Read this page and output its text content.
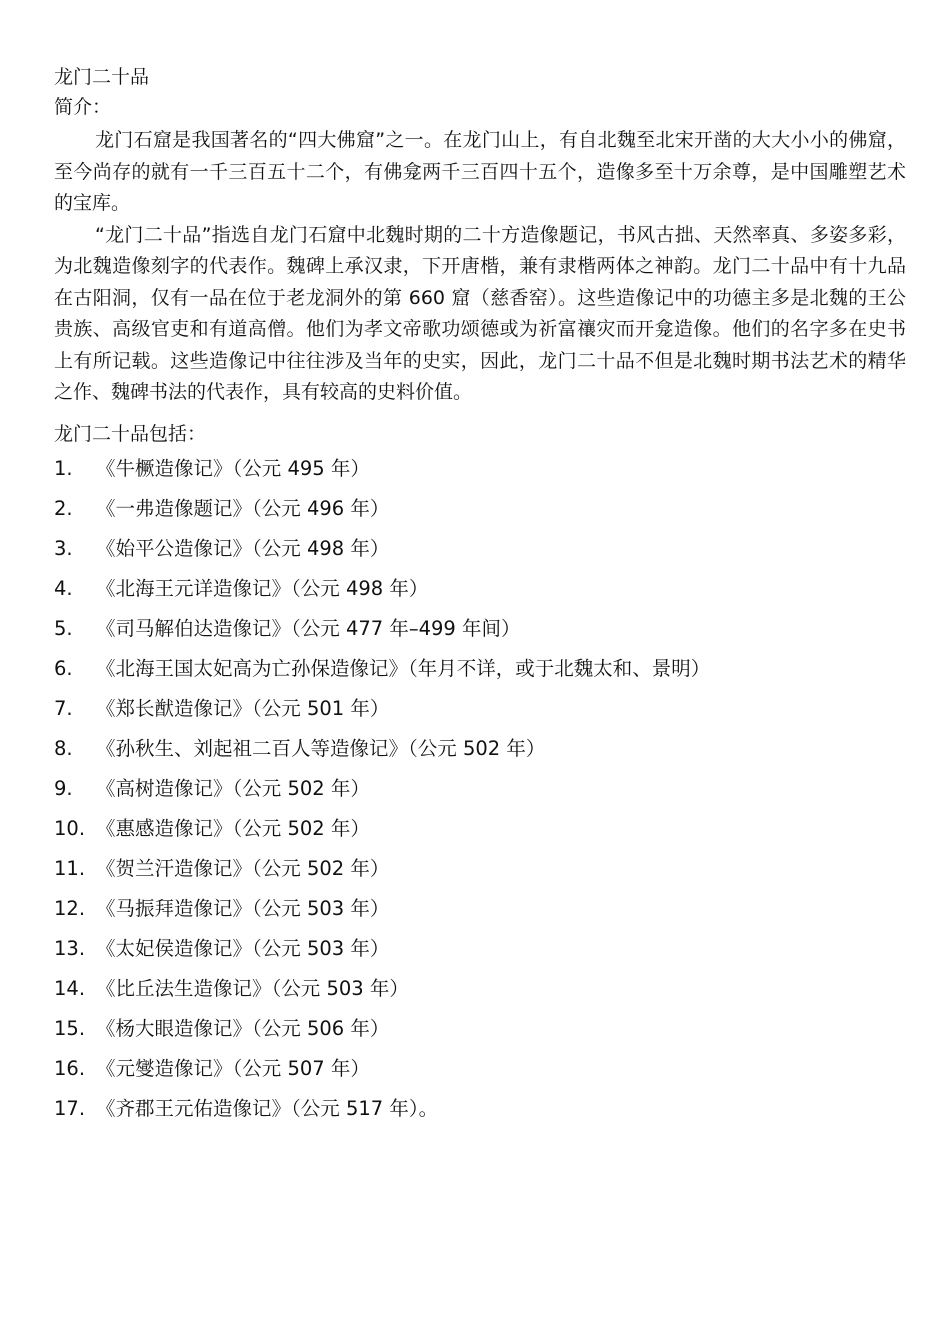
龙门二十品
简介：

龙门石窟是我国著名的“四大佛窟”之一。在龙门山上，有自北魏至北宋开凿的大大小小的佛窟，至今尚存的就有一千三百五十二个，有佛龛两千三百四十五个，造像多至十万余尊，是中国雕塑艺术的宝库。

“龙门二十品”指选自龙门石窟中北魏时期的二十方造像题记，书风古拙、天然率真、多姿多彩，为北魏造像刻字的代表作。魏碑上承汉隶，下开唐楷，兼有隶楷两体之神韵。龙门二十品中有十九品在古阳洞，仅有一品在位于老龙洞外的第 660 窟（慈香窑）。这些造像记中的功德主多是北魏的王公贵族、高级官吏和有道高僧。他们为孝文帝歌功颂德或为祈富禳灾而开龛造像。他们的名字多在史书上有所记载。这些造像记中往往涉及当年的史实，因此，龙门二十品不但是北魏时期书法艺术的精华之作、魏碑书法的代表作，具有较高的史料价值。

龙门二十品包括：
1. 《牛橛造像记》（公元 495 年）
2. 《一弗造像题记》（公元 496 年）
3. 《始平公造像记》（公元 498 年）
4. 《北海王元详造像记》（公元 498 年）
5. 《司马解伯达造像记》（公元 477 年–499 年间）
6. 《北海王国太妃高为亡孙保造像记》（年月不详，或于北魏太和、景明）
7. 《郑长猷造像记》（公元 501 年）
8. 《孙秋生、刘起祖二百人等造像记》（公元 502 年）
9. 《高树造像记》（公元 502 年）
10. 《惠感造像记》（公元 502 年）
11. 《贺兰汗造像记》（公元 502 年）
12. 《马振拜造像记》（公元 503 年）
13. 《太妃侯造像记》（公元 503 年）
14. 《比丘法生造像记》（公元 503 年）
15. 《杨大眼造像记》（公元 506 年）
16. 《元燮造像记》（公元 507 年）
17. 《齐郡王元佑造像记》（公元 517 年）。
